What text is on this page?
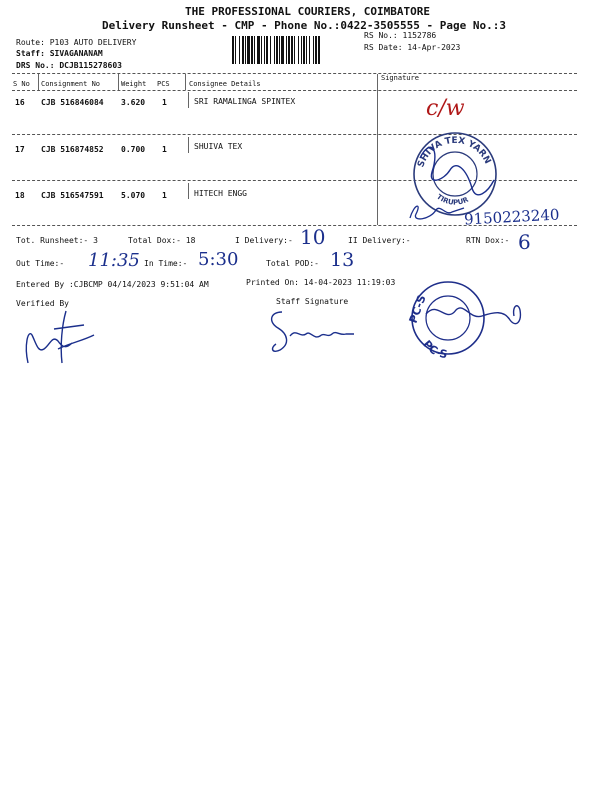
THE PROFESSIONAL COURIERS, COIMBATORE
Delivery Runsheet - CMP - Phone No.:0422-3505555 - Page No.:3
Route: P103 AUTO DELIVERY
Staff: SIVAGANANAM
DRS No.: DCJB115278603
RS No.: 1152786
RS Date: 14-Apr-2023
S No Consignment No	Weight PCS	Consignee Details
Signature
16 CJB 516846084 3.620 1	SRI RAMALINGA SPINTEX
17 CJB 516874852 0.700 1	SHUIVA TEX
18 CJB 516547591 5.070 1	HITECH ENGG
c/w
SHIVA TEX YARN
TIRUPUR
9150223240
Tot. Runsheet:- 3	Total Dox:- 18	I Delivery:- 10	II Delivery:-	RTN Dox:- 6
Out Time:- 11:35 In Time:- 5:30	Total POD:- 13
Entered By :CJBCMP 04/14/2023 9:51:04 AM	Printed On: 14-04-2023 11:19:03
Verified By	Staff Signature	PC-S
PC-S
